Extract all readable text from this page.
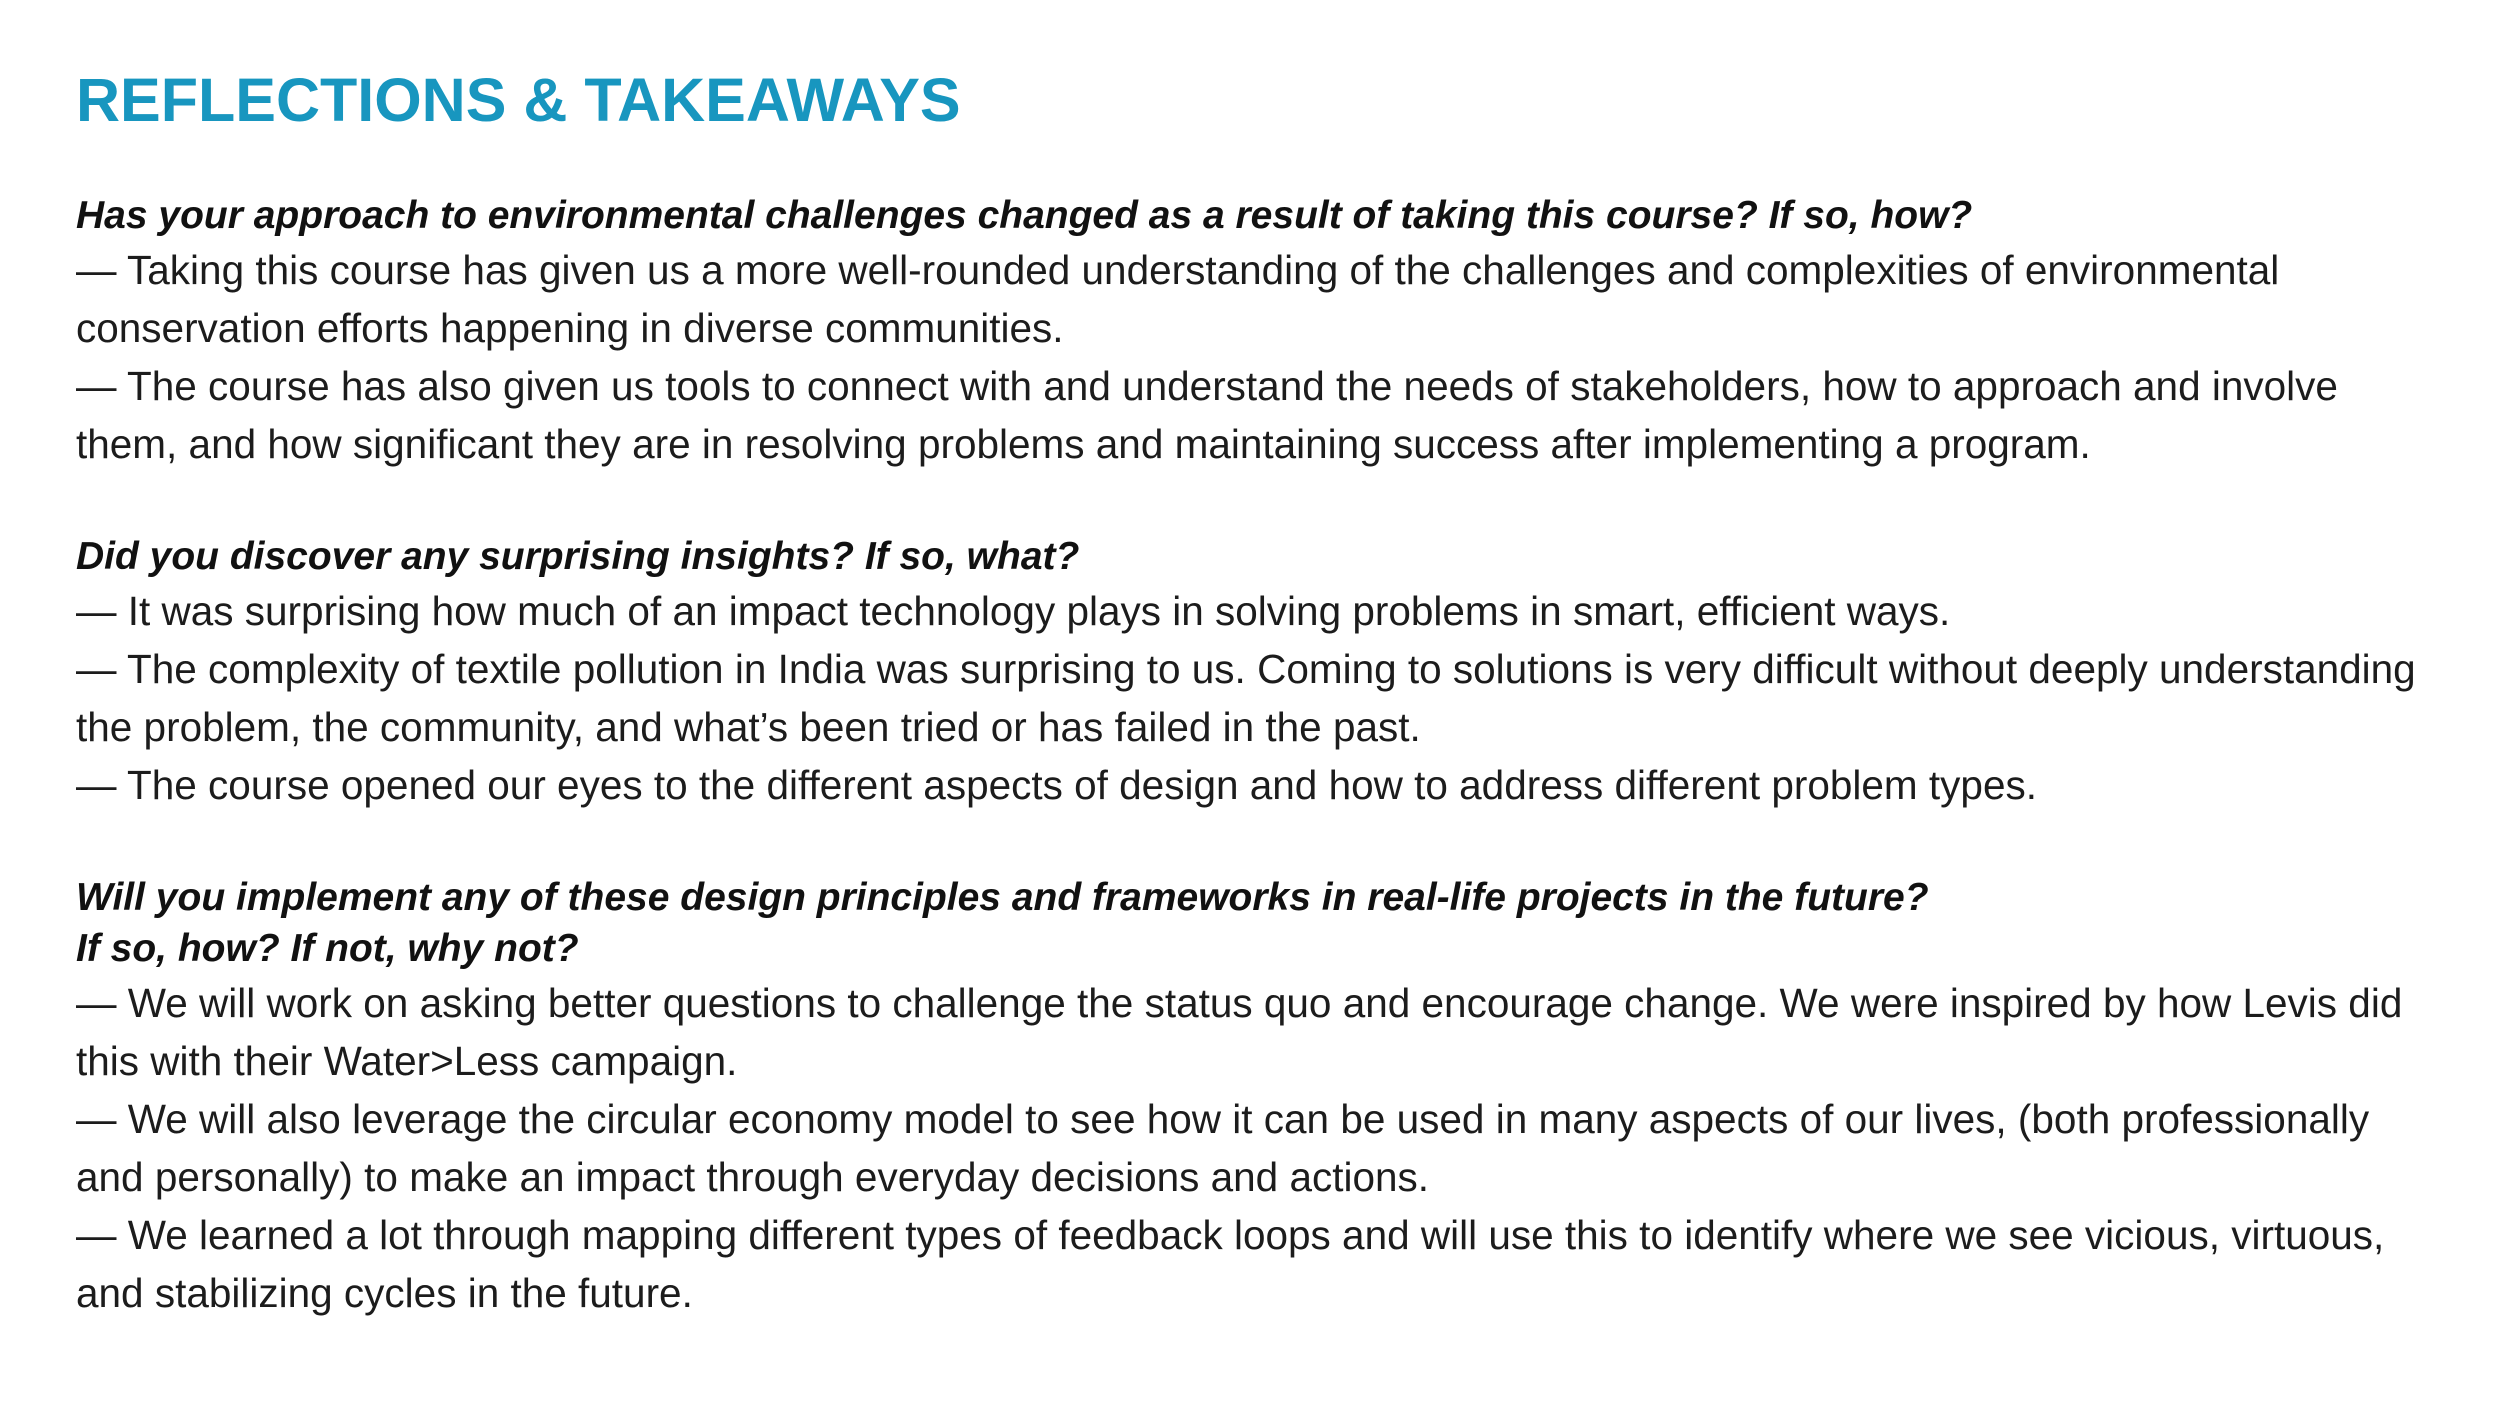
REFLECTIONS & TAKEAWAYS

Has your approach to environmental challenges changed as a result of taking this course? If so, how?

— Taking this course has given us a more well-rounded understanding of the challenges and complexities of environmental conservation efforts happening in diverse communities.
— The course has also given us tools to connect with and understand the needs of stakeholders, how to approach and involve them, and how significant they are in resolving problems and maintaining success after implementing a program.

Did you discover any surprising insights? If so, what?

— It was surprising how much of an impact technology plays in solving problems in smart, efficient ways.
— The complexity of textile pollution in India was surprising to us. Coming to solutions is very difficult without deeply understanding the problem, the community, and what’s been tried or has failed in the past.
— The course opened our eyes to the different aspects of design and how to address different problem types.

Will you implement any of these design principles and frameworks in real-life projects in the future?
If so, how? If not, why not?

— We will work on asking better questions to challenge the status quo and encourage change. We were inspired by how Levis did this with their Water>Less campaign.
— We will also leverage the circular economy model to see how it can be used in many aspects of our lives, (both professionally and personally) to make an impact through everyday decisions and actions.
— We learned a lot through mapping different types of feedback loops and will use this to identify where we see vicious, virtuous, and stabilizing cycles in the future.
